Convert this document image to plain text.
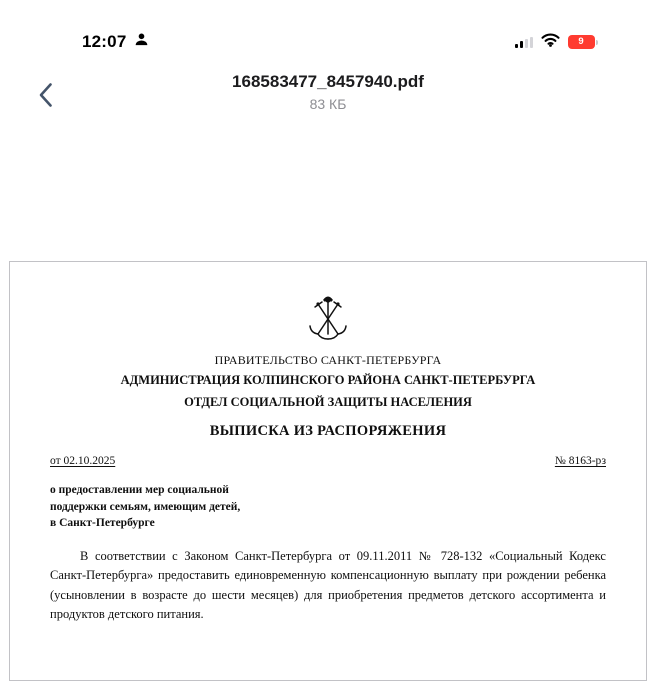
12:07	9
168583477_8457940.pdf
83 КБ
ПРАВИТЕЛЬСТВО САНКТ-ПЕТЕРБУРГА
АДМИНИСТРАЦИЯ КОЛПИНСКОГО РАЙОНА САНКТ-ПЕТЕРБУРГА
ОТДЕЛ СОЦИАЛЬНОЙ ЗАЩИТЫ НАСЕЛЕНИЯ
ВЫПИСКА ИЗ РАСПОРЯЖЕНИЯ
от 02.10.2025	№ 8163-рз
о предоставлении мер социальной
поддержки семьям, имеющим детей,
в Санкт-Петербурге

В соответствии с Законом Санкт-Петербурга от 09.11.2011 № 728-132 «Социальный Кодекс Санкт-Петербурга» предоставить единовременную компенсационную выплату при рождении ребенка (усыновлении в возрасте до шести месяцев) для приобретения предметов детского ассортимента и продуктов детского питания.
